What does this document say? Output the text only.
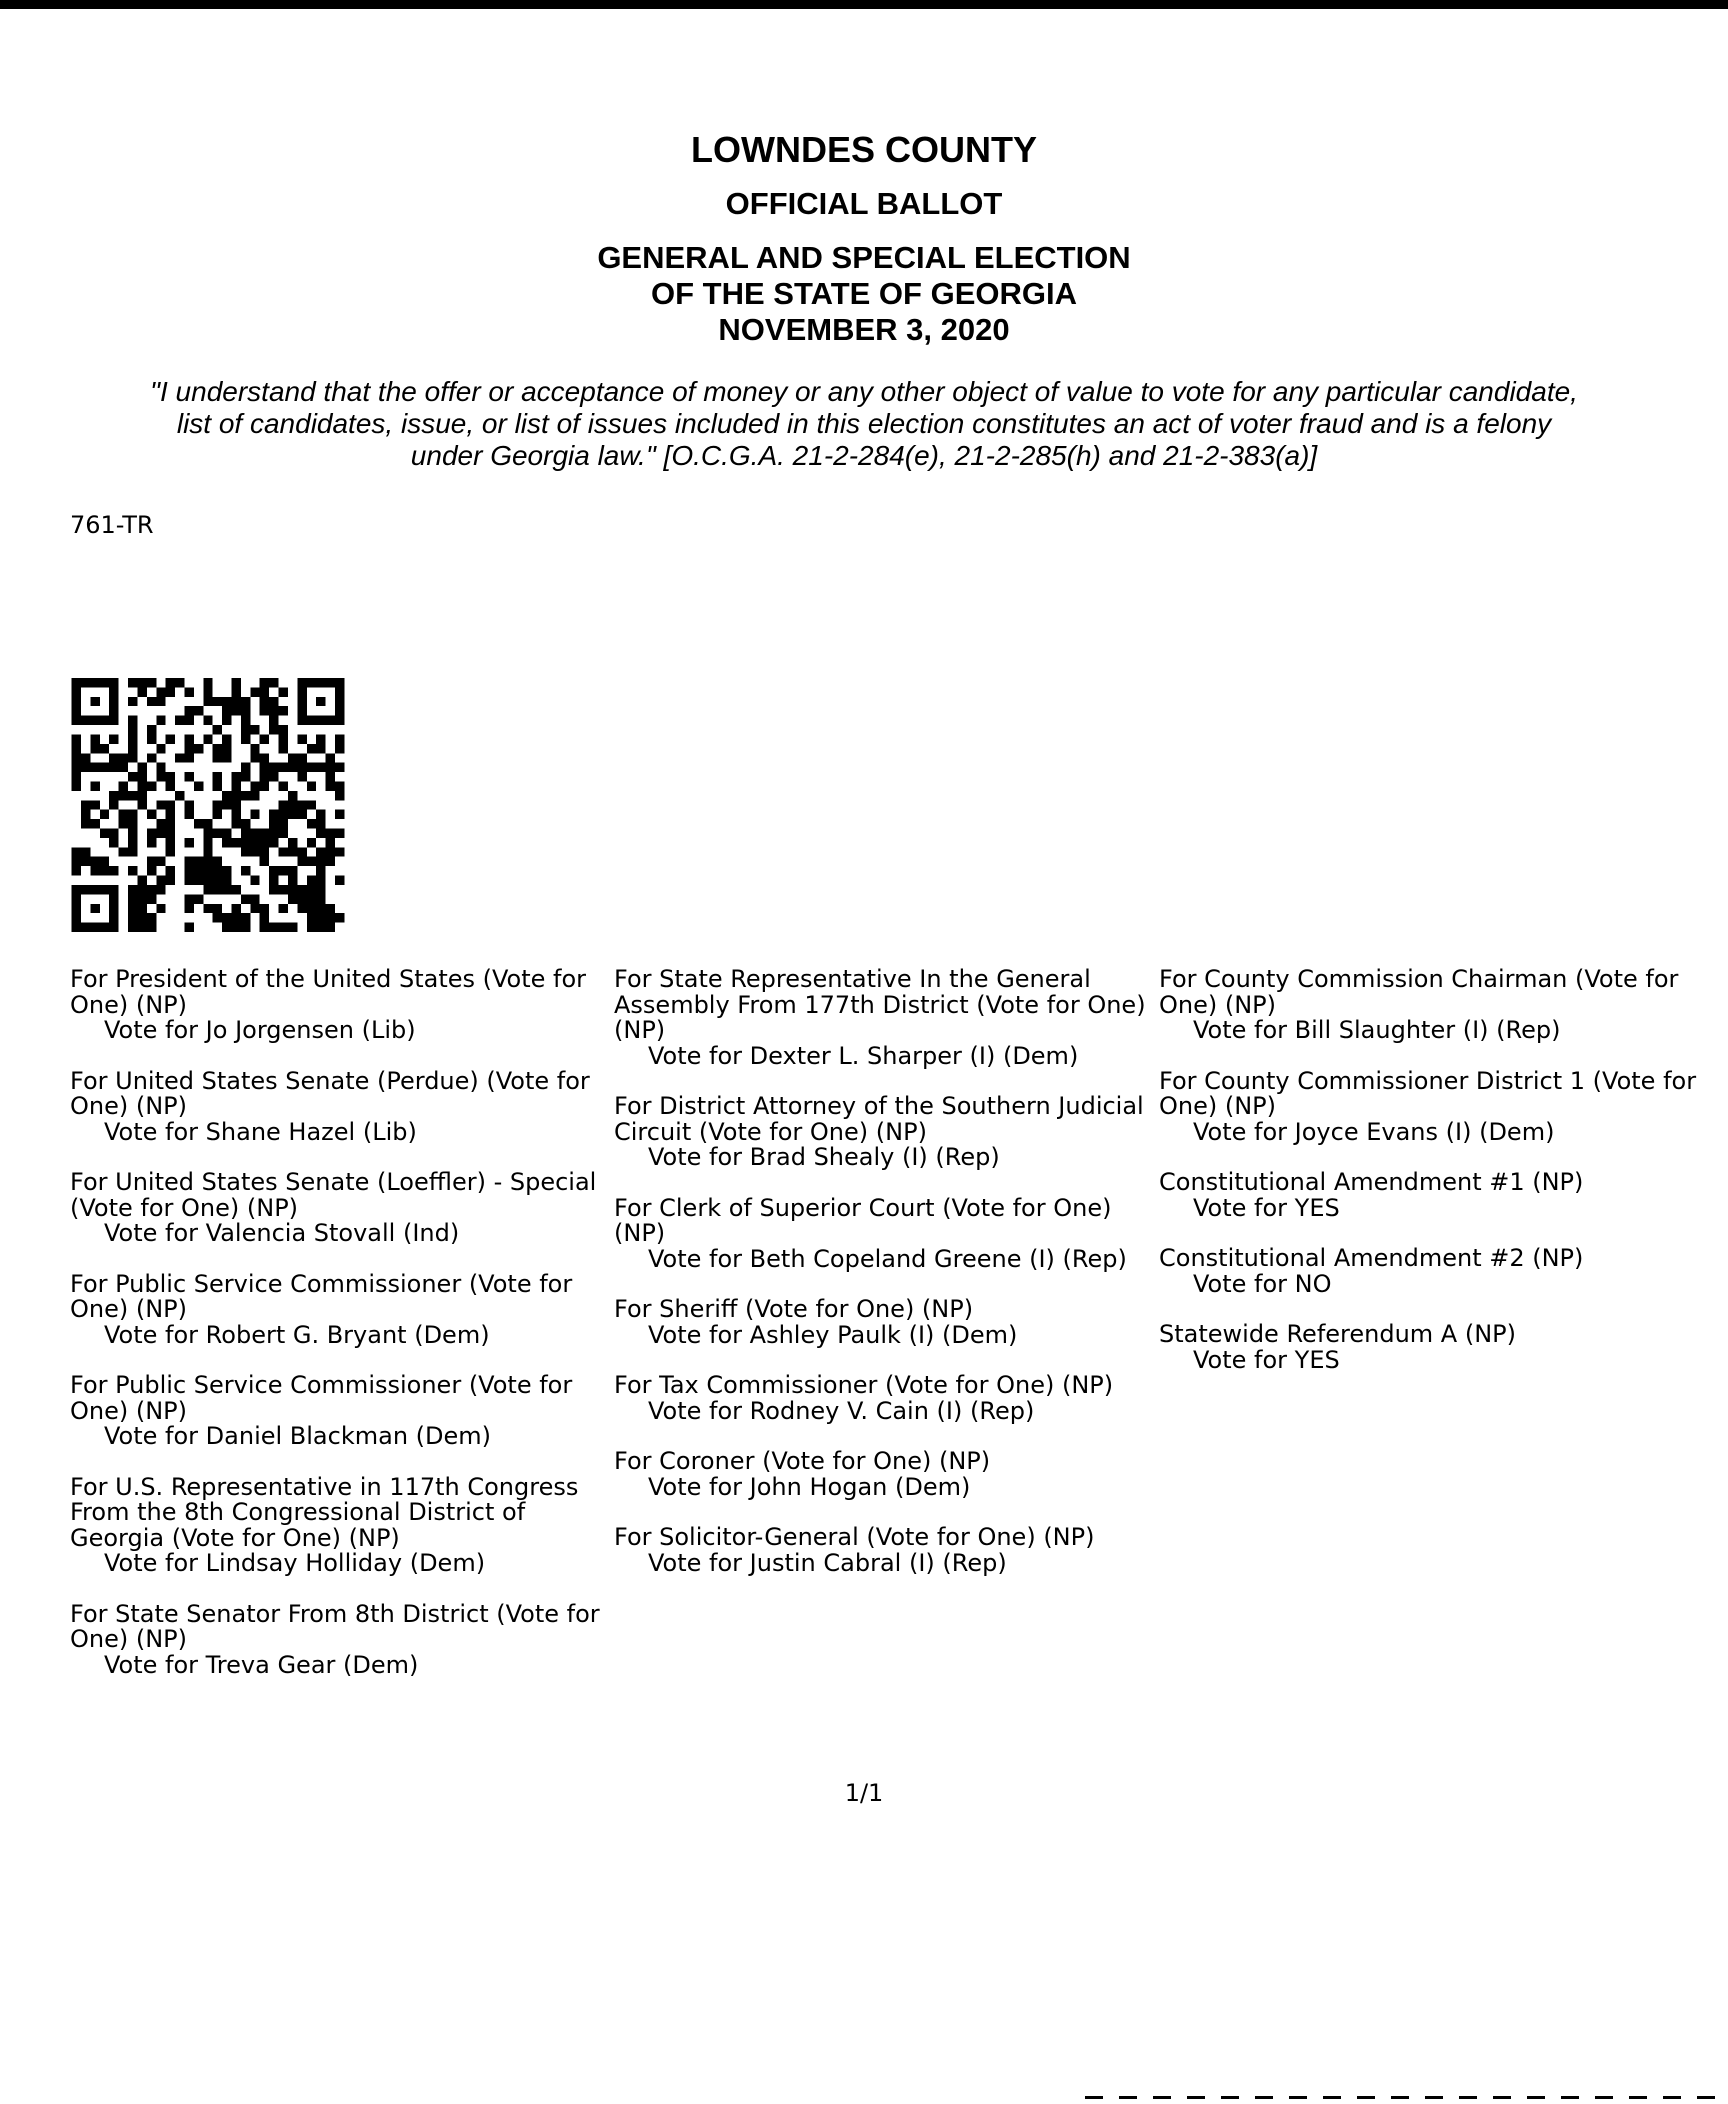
LOWNDES COUNTY
OFFICIAL BALLOT
GENERAL AND SPECIAL ELECTION
OF THE STATE OF GEORGIA
NOVEMBER 3, 2020
"I understand that the offer or acceptance of money or any other object of value to vote for any particular candidate,
list of candidates, issue, or list of issues included in this election constitutes an act of voter fraud and is a felony
under Georgia law." [O.C.G.A. 21-2-284(e), 21-2-285(h) and 21-2-383(a)]
761-TR
For President of the United States (Vote for One) (NP)
Vote for Jo Jorgensen (Lib)
For United States Senate (Perdue) (Vote for One) (NP)
Vote for Shane Hazel (Lib)
For United States Senate (Loeffler) - Special (Vote for One) (NP)
Vote for Valencia Stovall (Ind)
For Public Service Commissioner (Vote for One) (NP)
Vote for Robert G. Bryant (Dem)
For Public Service Commissioner (Vote for One) (NP)
Vote for Daniel Blackman (Dem)
For U.S. Representative in 117th Congress From the 8th Congressional District of Georgia (Vote for One) (NP)
Vote for Lindsay Holliday (Dem)
For State Senator From 8th District (Vote for One) (NP)
Vote for Treva Gear (Dem)
For State Representative In the General Assembly From 177th District (Vote for One) (NP)
Vote for Dexter L. Sharper (I) (Dem)
For District Attorney of the Southern Judicial Circuit (Vote for One) (NP)
Vote for Brad Shealy (I) (Rep)
For Clerk of Superior Court (Vote for One) (NP)
Vote for Beth Copeland Greene (I) (Rep)
For Sheriff (Vote for One) (NP)
Vote for Ashley Paulk (I) (Dem)
For Tax Commissioner (Vote for One) (NP)
Vote for Rodney V. Cain (I) (Rep)
For Coroner (Vote for One) (NP)
Vote for John Hogan (Dem)
For Solicitor-General (Vote for One) (NP)
Vote for Justin Cabral (I) (Rep)
For County Commission Chairman (Vote for One) (NP)
Vote for Bill Slaughter (I) (Rep)
For County Commissioner District 1 (Vote for One) (NP)
Vote for Joyce Evans (I) (Dem)
Constitutional Amendment #1 (NP)
Vote for YES
Constitutional Amendment #2 (NP)
Vote for NO
Statewide Referendum A (NP)
Vote for YES
1/1
